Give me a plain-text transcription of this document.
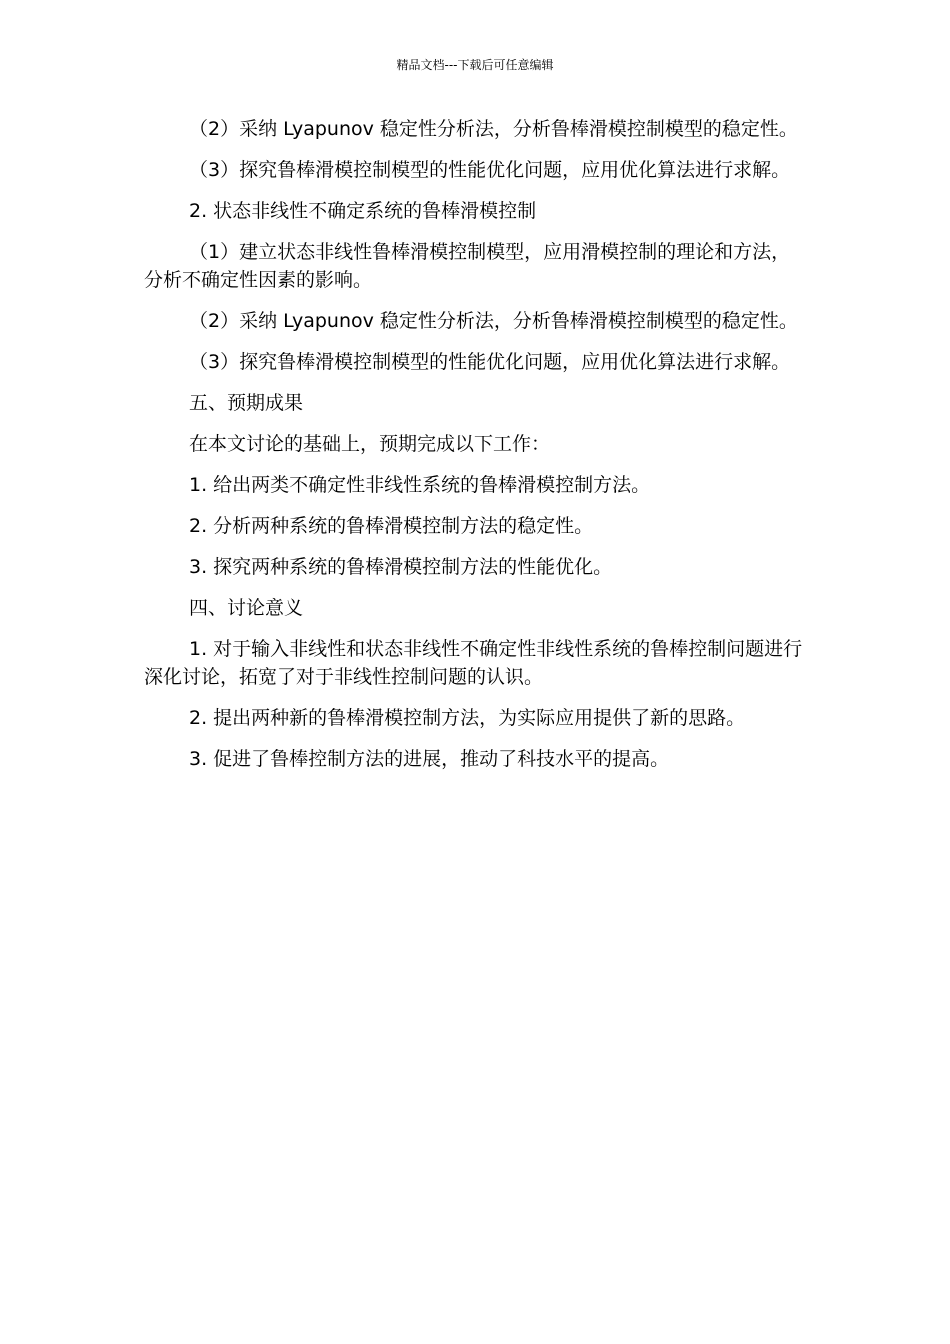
精品文档---下载后可任意编辑

（2）采纳 Lyapunov 稳定性分析法，分析鲁棒滑模控制模型的稳定性。

（3）探究鲁棒滑模控制模型的性能优化问题，应用优化算法进行求解。

2. 状态非线性不确定系统的鲁棒滑模控制

（1）建立状态非线性鲁棒滑模控制模型，应用滑模控制的理论和方法，分析不确定性因素的影响。

（2）采纳 Lyapunov 稳定性分析法，分析鲁棒滑模控制模型的稳定性。

（3）探究鲁棒滑模控制模型的性能优化问题，应用优化算法进行求解。

五、预期成果

在本文讨论的基础上，预期完成以下工作：

1. 给出两类不确定性非线性系统的鲁棒滑模控制方法。

2. 分析两种系统的鲁棒滑模控制方法的稳定性。

3. 探究两种系统的鲁棒滑模控制方法的性能优化。

四、讨论意义

1. 对于输入非线性和状态非线性不确定性非线性系统的鲁棒控制问题进行深化讨论，拓宽了对于非线性控制问题的认识。

2. 提出两种新的鲁棒滑模控制方法，为实际应用提供了新的思路。

3. 促进了鲁棒控制方法的进展，推动了科技水平的提高。
